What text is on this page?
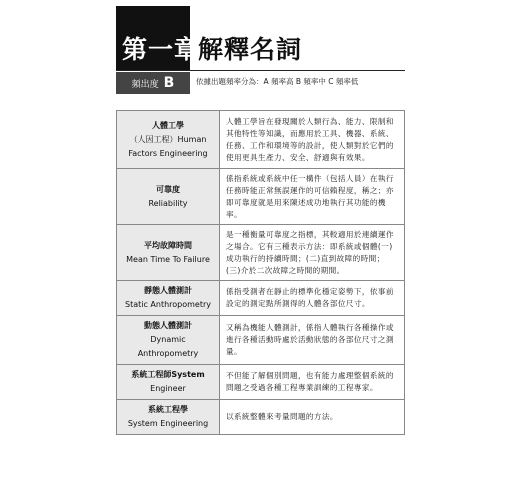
第一章
解釋名詞
頻出度 B	依據出題頻率分為：A 頻率高 B 頻率中 C 頻率低
人體工學
（人因工程）Human Factors Engineering	人體工學旨在發現關於人類行為、能力、限制和其他特性等知識，而應用於工具、機器、系統、任務、工作和環境等的設計，使人類對於它們的使用更具生產力、安全、舒適與有效果。

可靠度
Reliability	係指系統或系統中任一構件（包括人員）在執行任務時能正常無誤運作的可信賴程度，稱之；亦即可靠度就是用來陳述成功地執行其功能的機率。

平均故障時間
Mean Time To Failure	是一種衡量可靠度之指標，其較適用於連續運作之場合。它有三種表示方法：即系統或個體(一)成功執行的持續時間；(二)直到故障的時間；(三)介於二次故障之時間的期間。

靜態人體測計
Static Anthropometry	係指受測者在靜止的標準化穩定姿勢下，依事前設定的測定點所測得的人體各部位尺寸。

動態人體測計
Dynamic Anthropometry	又稱為機能人體測計，係指人體執行各種操作或進行各種活動時處於活動狀態的各部位尺寸之測量。

系統工程師System
Engineer	不但能了解個別問題，也有能力處理整個系統的問題之受過各種工程專業訓練的工程專家。

系統工程學
System Engineering	以系統整體來考量問題的方法。
